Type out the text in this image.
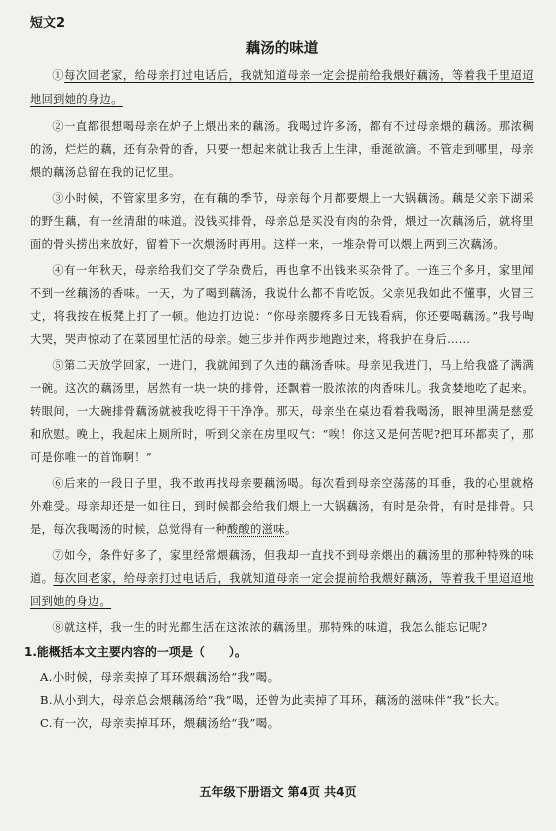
短文2
藕汤的味道

①每次回老家，给母亲打过电话后，我就知道母亲一定会提前给我煨好藕汤，等着我千里迢迢地回到她的身边。

②一直都很想喝母亲在炉子上煨出来的藕汤。我喝过许多汤，都有不过母亲煨的藕汤。那浓稠的汤，烂烂的藕，还有杂骨的香，只要一想起来就让我舌上生津，垂涎欲滴。不管走到哪里，母亲煨的藕汤总留在我的记忆里。

③小时候，不管家里多穷，在有藕的季节，母亲每个月都要煨上一大锅藕汤。藕是父亲下湖采的野生藕，有一丝清甜的味道。没钱买排骨，母亲总是买没有肉的杂骨，煨过一次藕汤后，就将里面的骨头捞出来放好，留着下一次煨汤时再用。这样一来，一堆杂骨可以煨上两到三次藕汤。

④有一年秋天，母亲给我们交了学杂费后，再也拿不出钱来买杂骨了。一连三个多月，家里闻不到一丝藕汤的香味。一天，为了喝到藕汤，我说什么都不肯吃饭。父亲见我如此不懂事，火冒三丈，将我按在板凳上打了一顿。他边打边说：“你母亲腰疼多日无钱看病，你还要喝藕汤。”我号啕大哭，哭声惊动了在菜园里忙活的母亲。她三步并作两步地跑过来，将我护在身后……

⑤第二天放学回家，一进门，我就闻到了久违的藕汤香味。母亲见我进门，马上给我盛了满满一碗。这次的藕汤里，居然有一块一块的排骨，还飘着一股浓浓的肉香味儿。我贪婪地吃了起来。转眼间，一大碗排骨藕汤就被我吃得干干净净。那天，母亲坐在桌边看着我喝汤，眼神里满是慈爱和欣慰。晚上，我起床上厕所时，听到父亲在房里叹气：“唉！你这又是何苦呢?把耳环都卖了，那可是你唯一的首饰啊！”

⑥后来的一段日子里，我不敢再找母亲要藕汤喝。每次看到母亲空荡荡的耳垂，我的心里就格外难受。母亲却还是一如往日，到时候都会给我们煨上一大锅藕汤，有时是杂骨，有时是排骨。只是，每次我喝汤的时候，总觉得有一种酸酸的滋味。

⑦如今，条件好多了，家里经常煨藕汤，但我却一直找不到母亲煨出的藕汤里的那种特殊的味道。每次回老家，给母亲打过电话后，我就知道母亲一定会提前给我煨好藕汤，等着我千里迢迢地回到她的身边。

⑧就这样，我一生的时光都生活在这浓浓的藕汤里。那特殊的味道，我怎么能忘记呢?

1.能概括本文主要内容的一项是（　　）。
A.小时候，母亲卖掉了耳环煨藕汤给“我”喝。
B.从小到大，母亲总会煨藕汤给“我”喝，还曾为此卖掉了耳环，藕汤的滋味伴“我”长大。
C.有一次，母亲卖掉耳环，煨藕汤给“我”喝。
五年级下册语文 第4页 共4页
